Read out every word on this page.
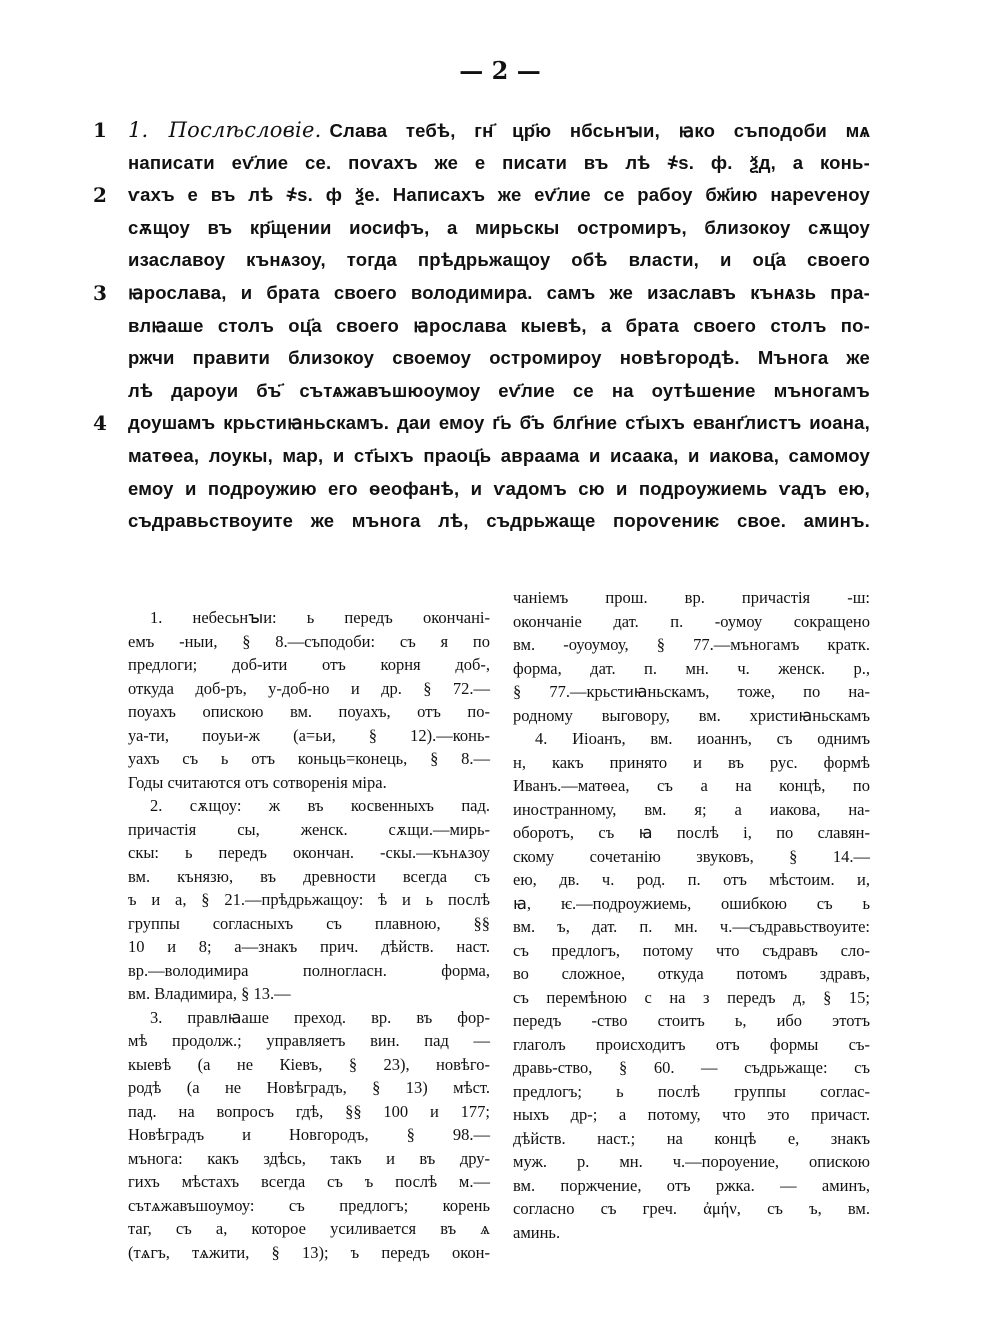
— 2 —
1
2
3
4
1. Послѣсловіе. Слава тебѣ, гн҃ цр҃ю нбсьнꙑи, ꙗко съподоби мѧ
написати еѵ҃лие се. поѵахъ же е писати въ лѣ ҂ѕ. ф. ѯд, а конь-
ѵахъ е въ лѣ ҂ѕ. ф ѯе. Написахъ же еѵ҃лие се рабоу бж҃ию нареѵеноу
сѫщоу въ кр҃щении иосифъ, а мирьскы остромиръ, близокоу сѫщоу
изаславоу кънѧзоу, тогда прѣдрьжащоу обѣ власти, и оц҃а своего
ꙗрослава, и брата своего володимира. самъ же изаславъ кънѧзь пра-
влꙗаше столъ оц҃а своего ꙗрослава кыевѣ, а брата своего столъ по-
ржчи правити близокоу своемоу остромироу новѣгородѣ. Мънога же
лѣ дароуи бъ҃ сътѧжавъшюоумоу еѵ҃лие се на оутѣшение мъногамъ
доушамъ крьстиꙗньскамъ. даи емоу г҃ь б҃ъ блг҃ние ст҃ыхъ еванг҃листъ иоана,
матѳеа, лоукы, мар, и ст҃ыхъ праоц҃ь авраама и исаака, и иакова, самомоу
емоу и подроужию его ѳеофанѣ, и ѵадомъ сю и подроужиемь ѵадъ ею,
съдравьствоуите же мънога лѣ, съдрьжаще пороѵениѥ свое. аминъ.
1. небесьнꙑи: ь передъ окончані-
емъ -ныи, § 8.—съподоби: съ я по
предлоги; доб-ити отъ корня доб-,
откуда доб-ръ, у-доб-но и др. § 72.—
поуахъ опискою вм. поуахъ, отъ по-
уа-ти, поуьи-ж (а=ьи, § 12).—конь-
уахъ съ ь отъ коньць=конець, § 8.—
Годы считаются отъ сотворенія міра.
2. сѫщоу: ж въ косвенныхъ пад.
причастія сы, женск. сѫщи.—мирь-
скы: ь передъ окончан. -скы.—кънѧзоу
вм. кънязю, въ древности всегда съ
ъ и а, § 21.—прѣдрьжащоу: ѣ и ь послѣ
группы согласныхъ съ плавною, §§
10 и 8; а—знакъ прич. дѣйств. наст.
вр.—володимира полногласн. форма,
вм. Владимира, § 13.—
3. правлꙗаше преход. вр. въ фор-
мѣ продолж.; управляетъ вин. пад —
кыевѣ (а не Кіевъ, § 23), новѣго-
родѣ (а не Новѣградъ, § 13) мѣст.
пад. на вопросъ гдѣ, §§ 100 и 177;
Новѣградъ и Новгородъ, § 98.—
мънога: какъ здѣсь, такъ и въ дру-
гихъ мѣстахъ всегда съ ъ послѣ м.—
сътѧжавъшоумоу: съ предлогъ; корень
таг, съ а, которое усиливается въ ѧ
(тѧгъ, тѧжити, § 13); ъ передъ окон-
чаніемъ прош. вр. причастія -ш:
окончаніе дат. п. -оумоу сокращено
вм. -оуоумоу, § 77.—мъногамъ кратк.
форма, дат. п. мн. ч. женск. р.,
§ 77.—крьстиꙗньскамъ, тоже, по на-
родному выговору, вм. христиꙗньскамъ
4. Иіоанъ, вм. иоаннъ, съ однимъ
н, какъ принято и въ рус. формѣ
Иванъ.—матѳеа, съ а на концѣ, по
иностранному, вм. я; а иакова, на-
оборотъ, съ ꙗ послѣ і, по славян-
скому сочетанію звуковъ, § 14.—
ею, дв. ч. род. п. отъ мѣстоим. и,
ꙗ, ѥ.—подроужиемь, ошибкою съ ь
вм. ъ, дат. п. мн. ч.—съдравьствоуите:
съ предлогъ, потому что съдравъ сло-
во сложное, откуда потомъ здравъ,
съ перемѣною с на з передъ д, § 15;
передъ -ство стоитъ ь, ибо этотъ
глаголъ происходитъ отъ формы съ-
дравь-ство, § 60. — съдрьжаще: съ
предлогъ; ь послѣ группы соглас-
ныхъ др-; а потому, что это причаст.
дѣйств. наст.; на концѣ е, знакъ
муж. р. мн. ч.—пороуение, опискою
вм. поржчение, отъ ржка. — аминъ,
согласно съ греч. ἀμήν, съ ъ, вм.
аминь.
